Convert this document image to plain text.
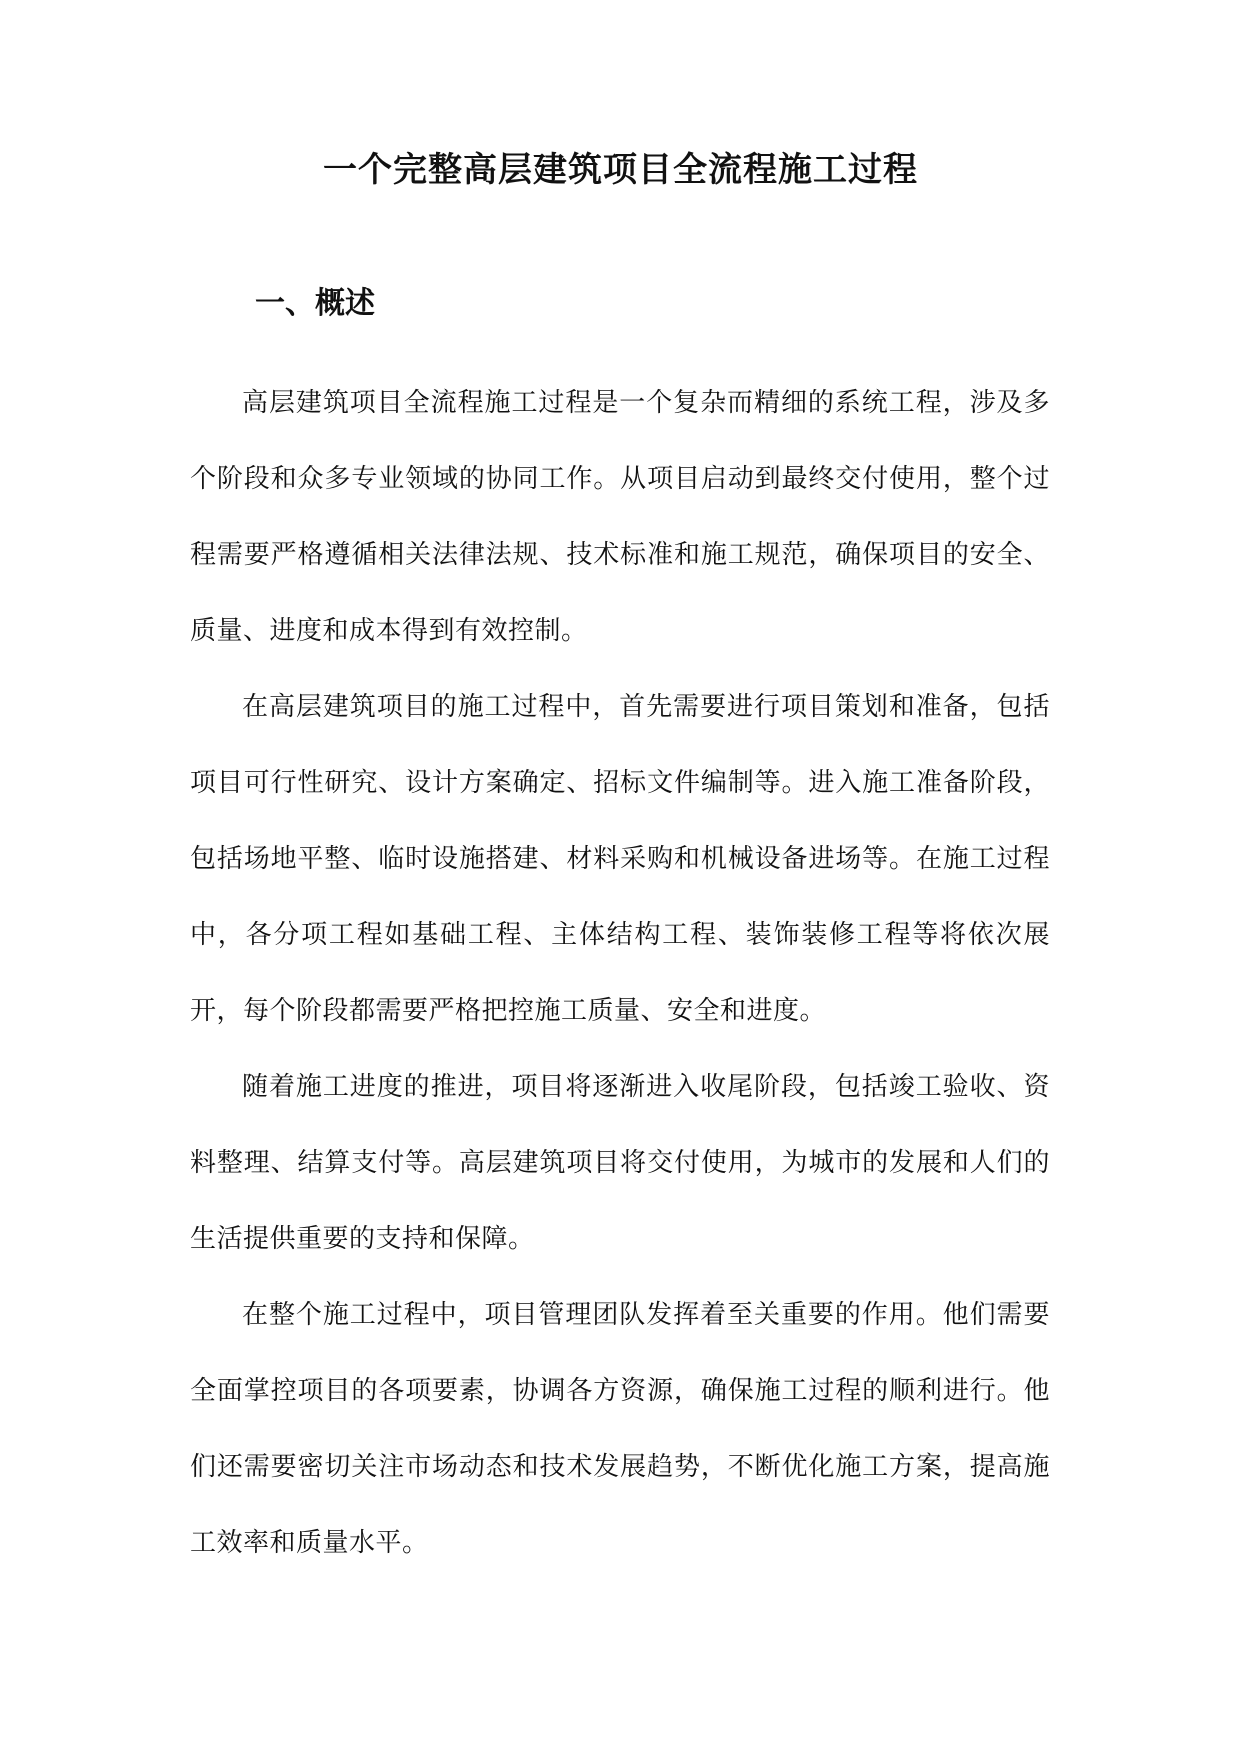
一个完整高层建筑项目全流程施工过程
一、概述

高层建筑项目全流程施工过程是一个复杂而精细的系统工程，涉及多个阶段和众多专业领域的协同工作。从项目启动到最终交付使用，整个过程需要严格遵循相关法律法规、技术标准和施工规范，确保项目的安全、质量、进度和成本得到有效控制。

在高层建筑项目的施工过程中，首先需要进行项目策划和准备，包括项目可行性研究、设计方案确定、招标文件编制等。进入施工准备阶段，包括场地平整、临时设施搭建、材料采购和机械设备进场等。在施工过程中，各分项工程如基础工程、主体结构工程、装饰装修工程等将依次展开，每个阶段都需要严格把控施工质量、安全和进度。

随着施工进度的推进，项目将逐渐进入收尾阶段，包括竣工验收、资料整理、结算支付等。高层建筑项目将交付使用，为城市的发展和人们的生活提供重要的支持和保障。

在整个施工过程中，项目管理团队发挥着至关重要的作用。他们需要全面掌控项目的各项要素，协调各方资源，确保施工过程的顺利进行。他们还需要密切关注市场动态和技术发展趋势，不断优化施工方案，提高施工效率和质量水平。
